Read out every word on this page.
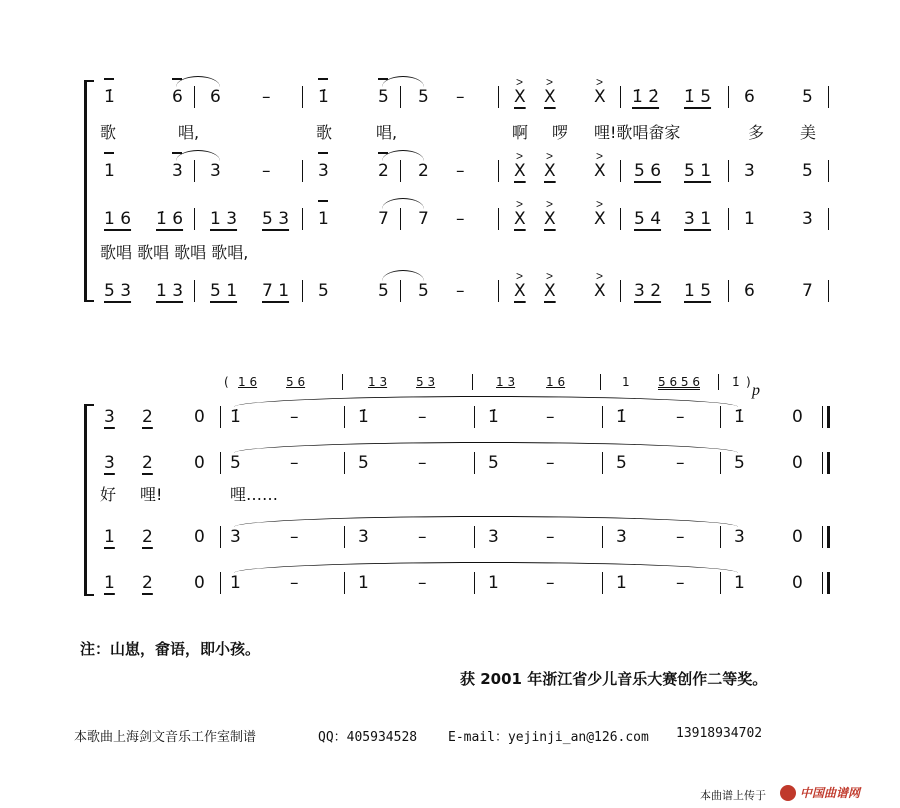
1̇	6 6 –	1̇	5 5 –	X X X 1̇ 2̇ 1̇ 5 6	5
> >	>
歌	唱,	歌	唱,	啊 啰 哩!歌唱畲家	多 美
1	3 3 –	3	2 2 –	X X X 5 6 5 1 3	5
> >	>
1 6 1̇ 6 1 3 5 3 1	7 7 –	X X X 5 4 3 1 1	3
> >	>
歌唱 歌唱 歌唱 歌唱,
5 3 1 3 5 1 7 1 5	5 5 –	X X X 3 2 1 5 6	7
> >	>
( 1 6 5 6	1 3 5 3	1 3	1 6	1 5 6 5 6	1̇ ) p
3 2 0 1̇	–	1̇	–	1̇	–	1̇	–	1̇	0
3 2 0 5	–	5	–	5	–	5	–	5	0
好 哩!	哩……
1 2 0 3	–	3	–	3	–	3	–	3	0
1 2 0 1	–	1	–	1	–	1	–	1	0
注：山崽，畲语，即小孩。
获 2001 年浙江省少儿音乐大赛创作二等奖。
本歌曲上海剑文音乐工作室制谱	QQ：405934528 E-mail：yejinji_an@126.com 13918934702
本曲谱上传于	中国曲谱网
